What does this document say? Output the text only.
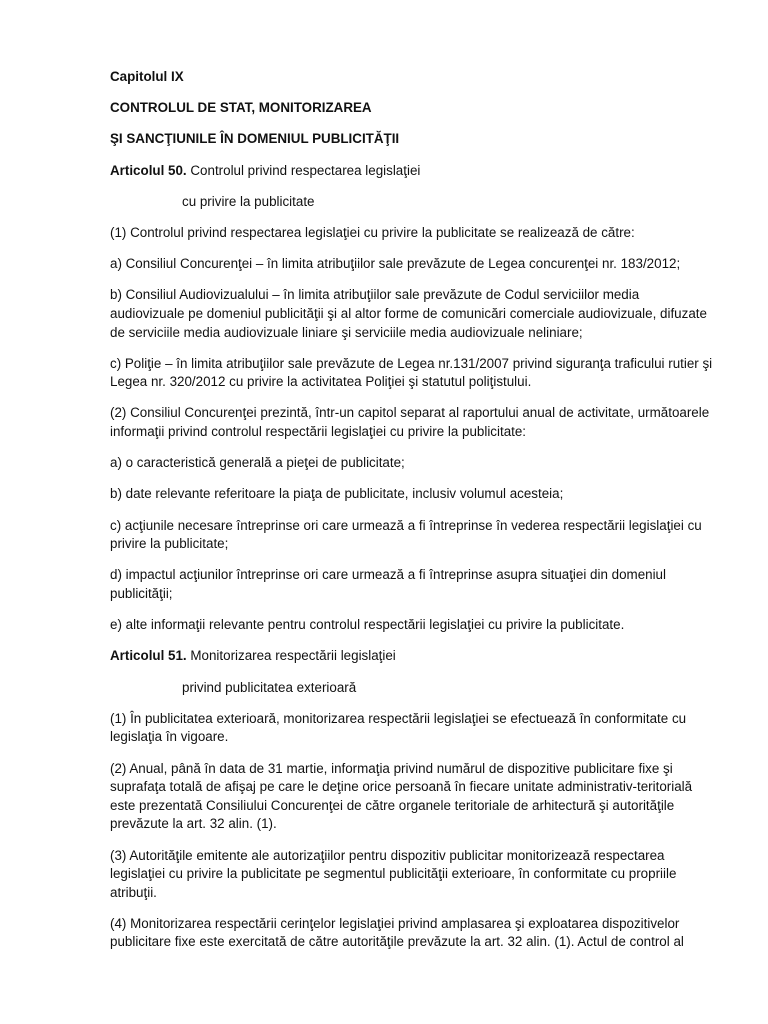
Capitolul IX

CONTROLUL DE STAT, MONITORIZAREA

ŞI SANCŢIUNILE ÎN DOMENIUL PUBLICITĂŢII

Articolul 50. Controlul privind respectarea legislaţiei

cu privire la publicitate

(1) Controlul privind respectarea legislaţiei cu privire la publicitate se realizează de către:

a) Consiliul Concurenţei – în limita atribuţiilor sale prevăzute de Legea concurenţei nr. 183/2012;

b) Consiliul Audiovizualului – în limita atribuţiilor sale prevăzute de Codul serviciilor media audiovizuale pe domeniul publicităţii şi al altor forme de comunicări comerciale audiovizuale, difuzate de serviciile media audiovizuale liniare şi serviciile media audiovizuale neliniare;

c) Poliţie – în limita atribuţiilor sale prevăzute de Legea nr.131/2007 privind siguranţa traficului rutier şi Legea nr. 320/2012 cu privire la activitatea Poliţiei şi statutul poliţistului.

(2) Consiliul Concurenţei prezintă, într-un capitol separat al raportului anual de activitate, următoarele informaţii privind controlul respectării legislaţiei cu privire la publicitate:

a) o caracteristică generală a pieţei de publicitate;

b) date relevante referitoare la piaţa de publicitate, inclusiv volumul acesteia;

c) acţiunile necesare întreprinse ori care urmează a fi întreprinse în vederea respectării legislaţiei cu privire la publicitate;

d) impactul acţiunilor întreprinse ori care urmează a fi întreprinse asupra situaţiei din domeniul publicităţii;

e) alte informaţii relevante pentru controlul respectării legislaţiei cu privire la publicitate.

Articolul 51. Monitorizarea respectării legislaţiei

privind publicitatea exterioară

(1) În publicitatea exterioară, monitorizarea respectării legislaţiei se efectuează în conformitate cu legislaţia în vigoare.

(2) Anual, până în data de 31 martie, informaţia privind numărul de dispozitive publicitare fixe şi suprafaţa totală de afişaj pe care le deţine orice persoană în fiecare unitate administrativ-teritorială este prezentată Consiliului Concurenţei de către organele teritoriale de arhitectură şi autorităţile prevăzute la art. 32 alin. (1).

(3) Autorităţile emitente ale autorizaţiilor pentru dispozitiv publicitar monitorizează respectarea legislaţiei cu privire la publicitate pe segmentul publicităţii exterioare, în conformitate cu propriile atribuţii.

(4) Monitorizarea respectării cerinţelor legislaţiei privind amplasarea şi exploatarea dispozitivelor publicitare fixe este exercitată de către autorităţile prevăzute la art. 32 alin. (1). Actul de control al
